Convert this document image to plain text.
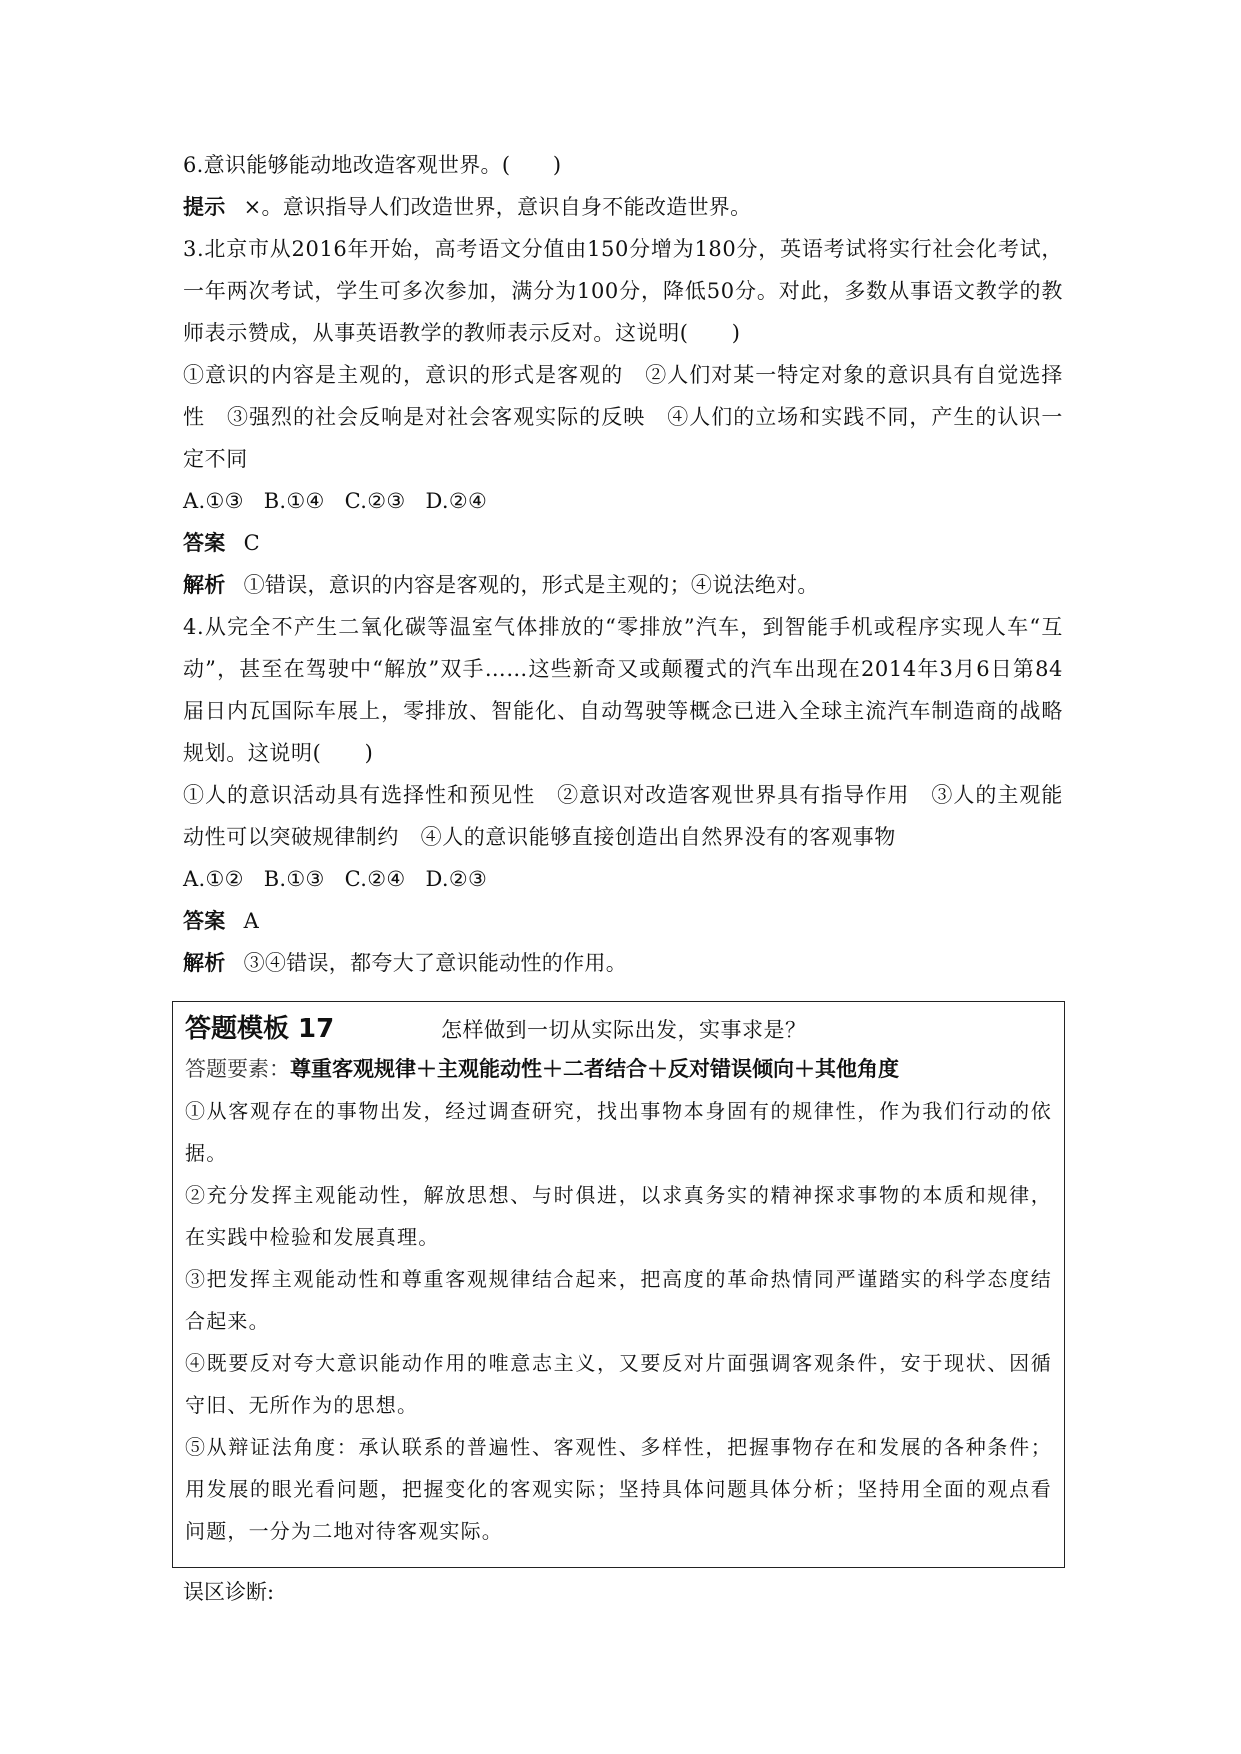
6.意识能够能动地改造客观世界。(　　)
提示 ×。意识指导人们改造世界，意识自身不能改造世界。
3.北京市从2016年开始，高考语文分值由150分增为180分，英语考试将实行社会化考试，一年两次考试，学生可多次参加，满分为100分，降低50分。对此，多数从事语文教学的教师表示赞成，从事英语教学的教师表示反对。这说明(　　)
①意识的内容是主观的，意识的形式是客观的　②人们对某一特定对象的意识具有自觉选择性　③强烈的社会反响是对社会客观实际的反映　④人们的立场和实践不同，产生的认识一定不同
A.①③ B.①④ C.②③ D.②④
答案 C
解析 ①错误，意识的内容是客观的，形式是主观的；④说法绝对。
4.从完全不产生二氧化碳等温室气体排放的“零排放”汽车，到智能手机或程序实现人车“互动”，甚至在驾驶中“解放”双手……这些新奇又或颠覆式的汽车出现在2014年3月6日第84届日内瓦国际车展上，零排放、智能化、自动驾驶等概念已进入全球主流汽车制造商的战略规划。这说明(　　)
①人的意识活动具有选择性和预见性　②意识对改造客观世界具有指导作用　③人的主观能动性可以突破规律制约　④人的意识能够直接创造出自然界没有的客观事物
A.①② B.①③ C.②④ D.②③
答案 A
解析 ③④错误，都夸大了意识能动性的作用。
答题模板 17	怎样做到一切从实际出发，实事求是？
答题要素：尊重客观规律＋主观能动性＋二者结合＋反对错误倾向＋其他角度
①从客观存在的事物出发，经过调查研究，找出事物本身固有的规律性，作为我们行动的依据。
②充分发挥主观能动性，解放思想、与时俱进，以求真务实的精神探求事物的本质和规律，在实践中检验和发展真理。
③把发挥主观能动性和尊重客观规律结合起来，把高度的革命热情同严谨踏实的科学态度结合起来。
④既要反对夸大意识能动作用的唯意志主义，又要反对片面强调客观条件，安于现状、因循守旧、无所作为的思想。
⑤从辩证法角度：承认联系的普遍性、客观性、多样性，把握事物存在和发展的各种条件；用发展的眼光看问题，把握变化的客观实际；坚持具体问题具体分析；坚持用全面的观点看问题，一分为二地对待客观实际。
误区诊断:
